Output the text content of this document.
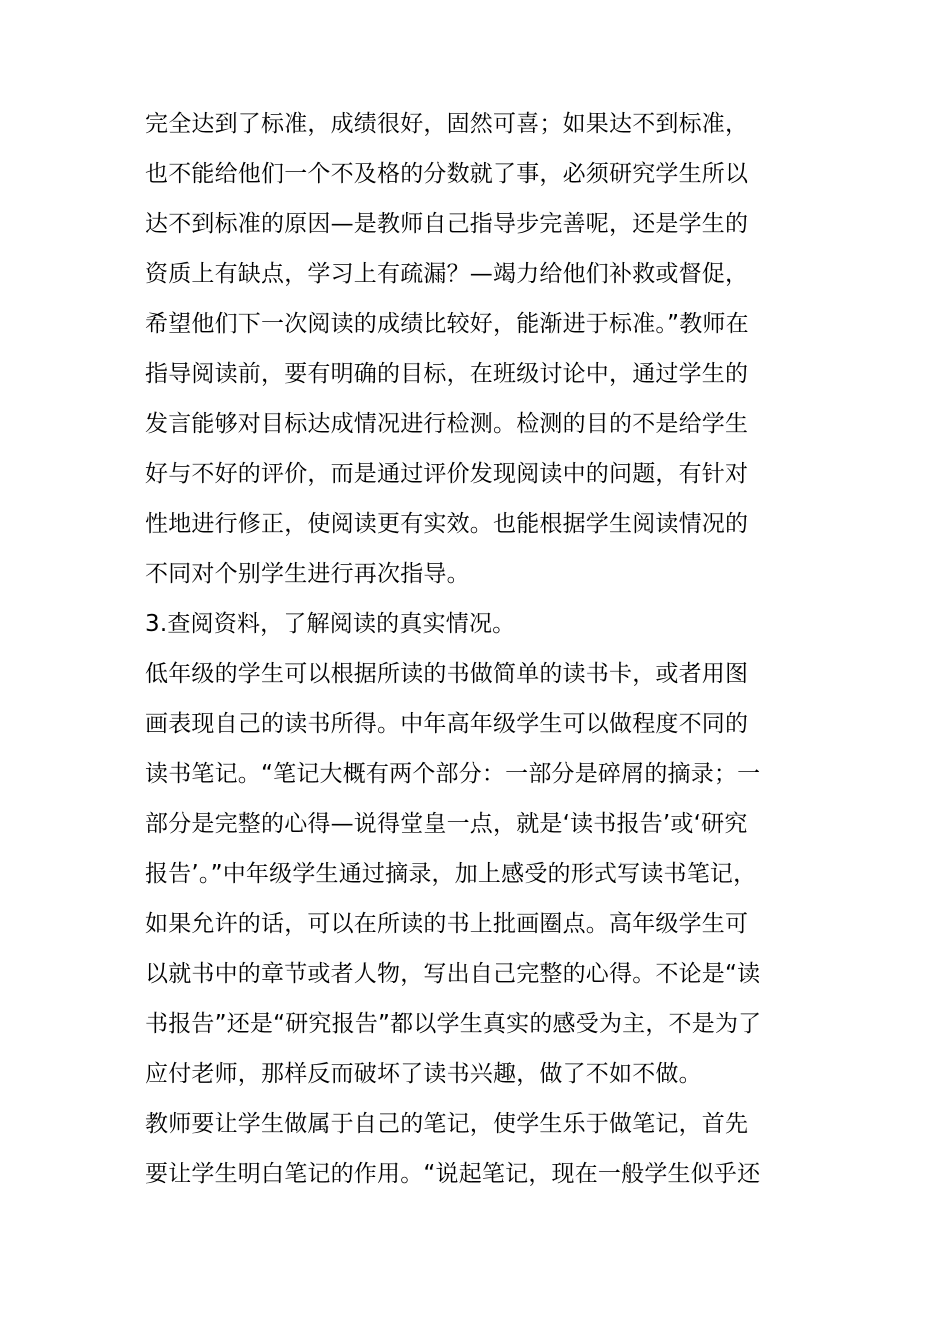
完全达到了标准，成绩很好，固然可喜；如果达不到标准，
也不能给他们一个不及格的分数就了事，必须研究学生所以
达不到标准的原因—是教师自己指导步完善呢，还是学生的
资质上有缺点，学习上有疏漏？—竭力给他们补救或督促，
希望他们下一次阅读的成绩比较好，能渐进于标准。”教师在
指导阅读前，要有明确的目标，在班级讨论中，通过学生的
发言能够对目标达成情况进行检测。检测的目的不是给学生
好与不好的评价，而是通过评价发现阅读中的问题，有针对
性地进行修正，使阅读更有实效。也能根据学生阅读情况的
不同对个别学生进行再次指导。
3.查阅资料，了解阅读的真实情况。
低年级的学生可以根据所读的书做简单的读书卡，或者用图
画表现自己的读书所得。中年高年级学生可以做程度不同的
读书笔记。“笔记大概有两个部分：一部分是碎屑的摘录；一
部分是完整的心得—说得堂皇一点，就是‘读书报告’或‘研究
报告’。”中年级学生通过摘录，加上感受的形式写读书笔记，
如果允许的话，可以在所读的书上批画圈点。高年级学生可
以就书中的章节或者人物，写出自己完整的心得。不论是“读
书报告”还是“研究报告”都以学生真实的感受为主，不是为了
应付老师，那样反而破坏了读书兴趣，做了不如不做。
教师要让学生做属于自己的笔记，使学生乐于做笔记，首先
要让学生明白笔记的作用。“说起笔记，现在一般学生似乎还
